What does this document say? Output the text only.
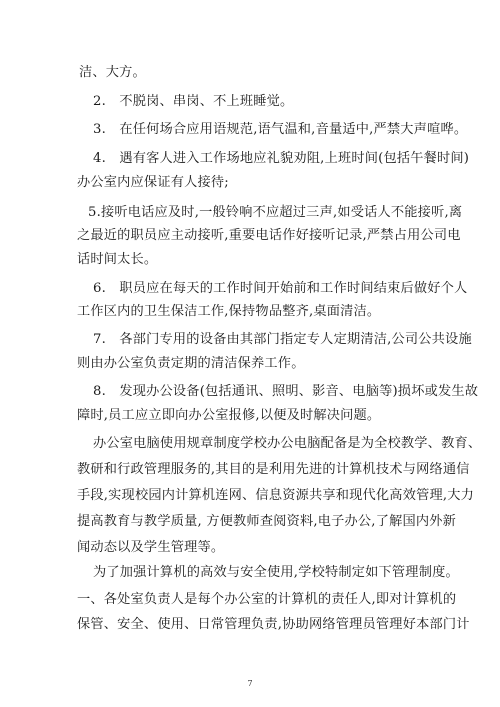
洁、大方。
2.　不脱岗、串岗、不上班睡觉。
3.　在任何场合应用语规范,语气温和,音量适中,严禁大声喧哗。
4.　遇有客人进入工作场地应礼貌劝阻,上班时间(包括午餐时间)
办公室内应保证有人接待;
5.接听电话应及时,一般铃响不应超过三声,如受话人不能接听,离
之最近的职员应主动接听,重要电话作好接听记录,严禁占用公司电
话时间太长。
6.　职员应在每天的工作时间开始前和工作时间结束后做好个人
工作区内的卫生保洁工作,保持物品整齐,桌面清洁。
7.　各部门专用的设备由其部门指定专人定期清洁,公司公共设施
则由办公室负责定期的清洁保养工作。
8.　发现办公设备(包括通讯、照明、影音、电脑等)损坏或发生故
障时,员工应立即向办公室报修,以便及时解决问题。
办公室电脑使用规章制度学校办公电脑配备是为全校教学、教育、
教研和行政管理服务的,其目的是利用先进的计算机技术与网络通信
手段,实现校园内计算机连网、信息资源共享和现代化高效管理,大力
提高教育与教学质量, 方便教师查阅资料,电子办公,了解国内外新
闻动态以及学生管理等。
为了加强计算机的高效与安全使用,学校特制定如下管理制度。
一、各处室负责人是每个办公室的计算机的责任人,即对计算机的
保管、安全、使用、日常管理负责,协助网络管理员管理好本部门计
7
